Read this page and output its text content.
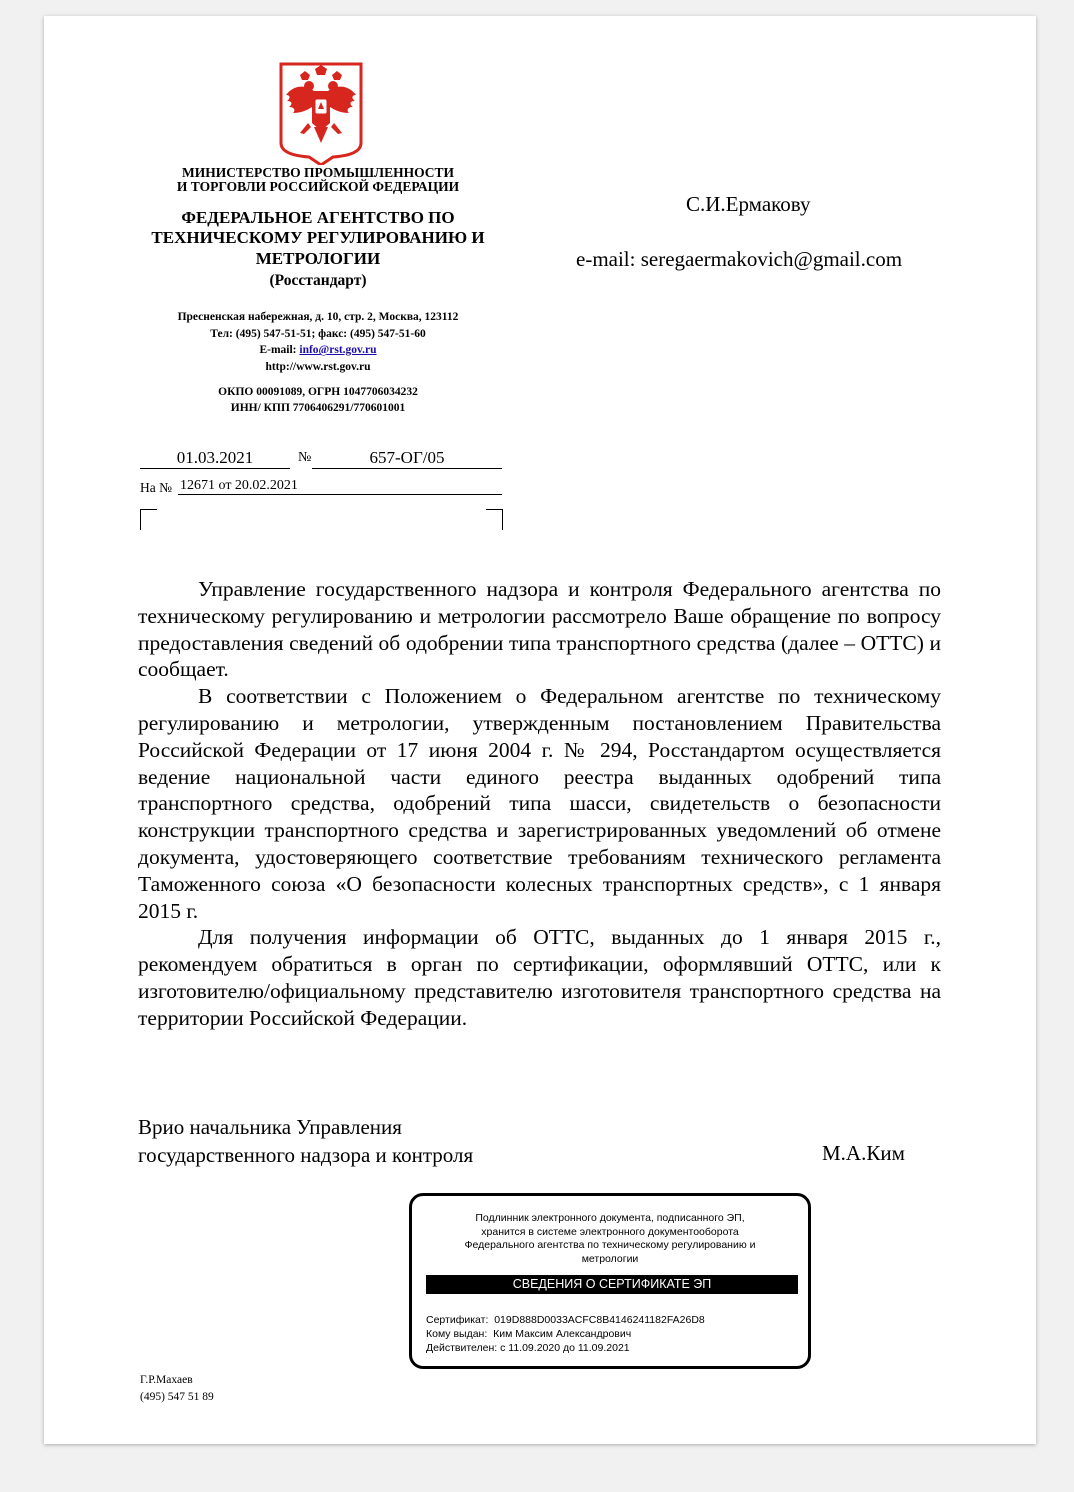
МИНИСТЕРСТВО ПРОМЫШЛЕННОСТИ
И ТОРГОВЛИ РОССИЙСКОЙ ФЕДЕРАЦИИ
ФЕДЕРАЛЬНОЕ АГЕНТСТВО ПО
ТЕХНИЧЕСКОМУ РЕГУЛИРОВАНИЮ И
МЕТРОЛОГИИ
(Росстандарт)
Пресненская набережная, д. 10, стр. 2, Москва, 123112
Тел: (495) 547-51-51; факс: (495) 547-51-60
E-mail: info@rst.gov.ru
http://www.rst.gov.ru
ОКПО 00091089, ОГРН 1047706034232
ИНН/ КПП 7706406291/770601001
С.И.Ермакову
e-mail: seregaermakovich@gmail.com
01.03.2021	№	657-ОГ/05
На № 12671 от 20.02.2021

Управление государственного надзора и контроля Федерального агентства по техническому регулированию и метрологии рассмотрело Ваше обращение по вопросу предоставления сведений об одобрении типа транспортного средства (далее – ОТТС) и сообщает.

В соответствии с Положением о Федеральном агентстве по техническому регулированию и метрологии, утвержденным постановлением Правительства Российской Федерации от 17 июня 2004 г. № 294, Росстандартом осуществляется ведение национальной части единого реестра выданных одобрений типа транспортного средства, одобрений типа шасси, свидетельств о безопасности конструкции транспортного средства и зарегистрированных уведомлений об отмене документа, удостоверяющего соответствие требованиям технического регламента Таможенного союза «О безопасности колесных транспортных средств», с 1 января 2015 г.

Для получения информации об ОТТС, выданных до 1 января 2015 г., рекомендуем обратиться в орган по сертификации, оформлявший ОТТС, или к изготовителю/официальному представителю изготовителя транспортного средства на территории Российской Федерации.

Врио начальника Управления
государственного надзора и контроля	М.А.Ким
Подлинник электронного документа, подписанного ЭП,
хранится в системе электронного документооборота
Федерального агентства по техническому регулированию и
метрологии
СВЕДЕНИЯ О СЕРТИФИКАТЕ ЭП
Сертификат: 019D888D0033ACFC8B4146241182FA26D8
Кому выдан: Ким Максим Александрович
Действителен: с 11.09.2020 до 11.09.2021
Г.Р.Махаев
(495) 547 51 89
